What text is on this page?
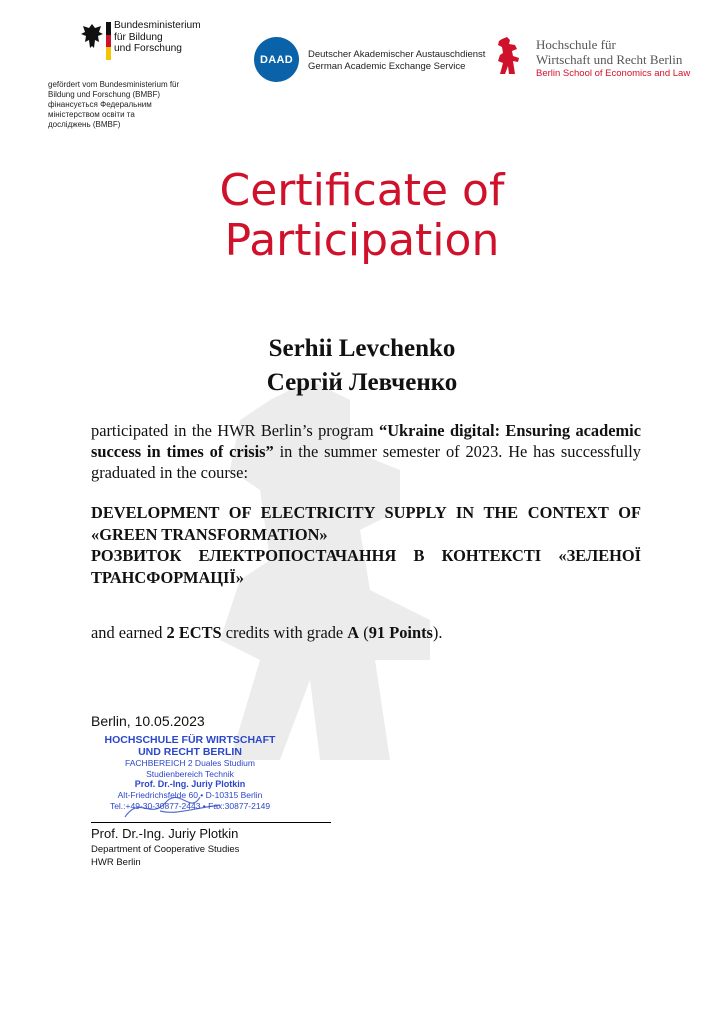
Bundesministerium
für Bildung
und Forschung
gefördert vom Bundesministerium für
Bildung und Forschung (BMBF)
фінансується Федеральним
міністерством освіти та
досліджень (BMBF)
DAAD	Deutscher Akademischer Austauschdienst
German Academic Exchange Service
Hochschule für
Wirtschaft und Recht Berlin
Berlin School of Economics and Law
Certificate of
Participation
Serhii Levchenko
Сергій Левченко
participated in the HWR Berlin’s program “Ukraine digital: Ensuring academic success in times of crisis” in the summer semester of 2023. He has successfully graduated in the course:
DEVELOPMENT OF ELECTRICITY SUPPLY IN THE CONTEXT OF «GREEN TRANSFORMATION»
РОЗВИТОК ЕЛЕКТРОПОСТАЧАННЯ В КОНТЕКСТІ «ЗЕЛЕНОЇ ТРАНСФОРМАЦІЇ»
and earned 2 ECTS credits with grade A (91 Points).
Berlin, 10.05.2023
HOCHSCHULE FÜR WIRTSCHAFT
UND RECHT BERLIN
FACHBEREICH 2 Duales Studium
Studienbereich Technik
Prof. Dr.-Ing. Juriy Plotkin
Alt-Friedrichsfelde 60 • D-10315 Berlin
Tel.:+49-30-30877-2443 • Fax:30877-2149
Prof. Dr.-Ing. Juriy Plotkin
Department of Cooperative Studies
HWR Berlin
